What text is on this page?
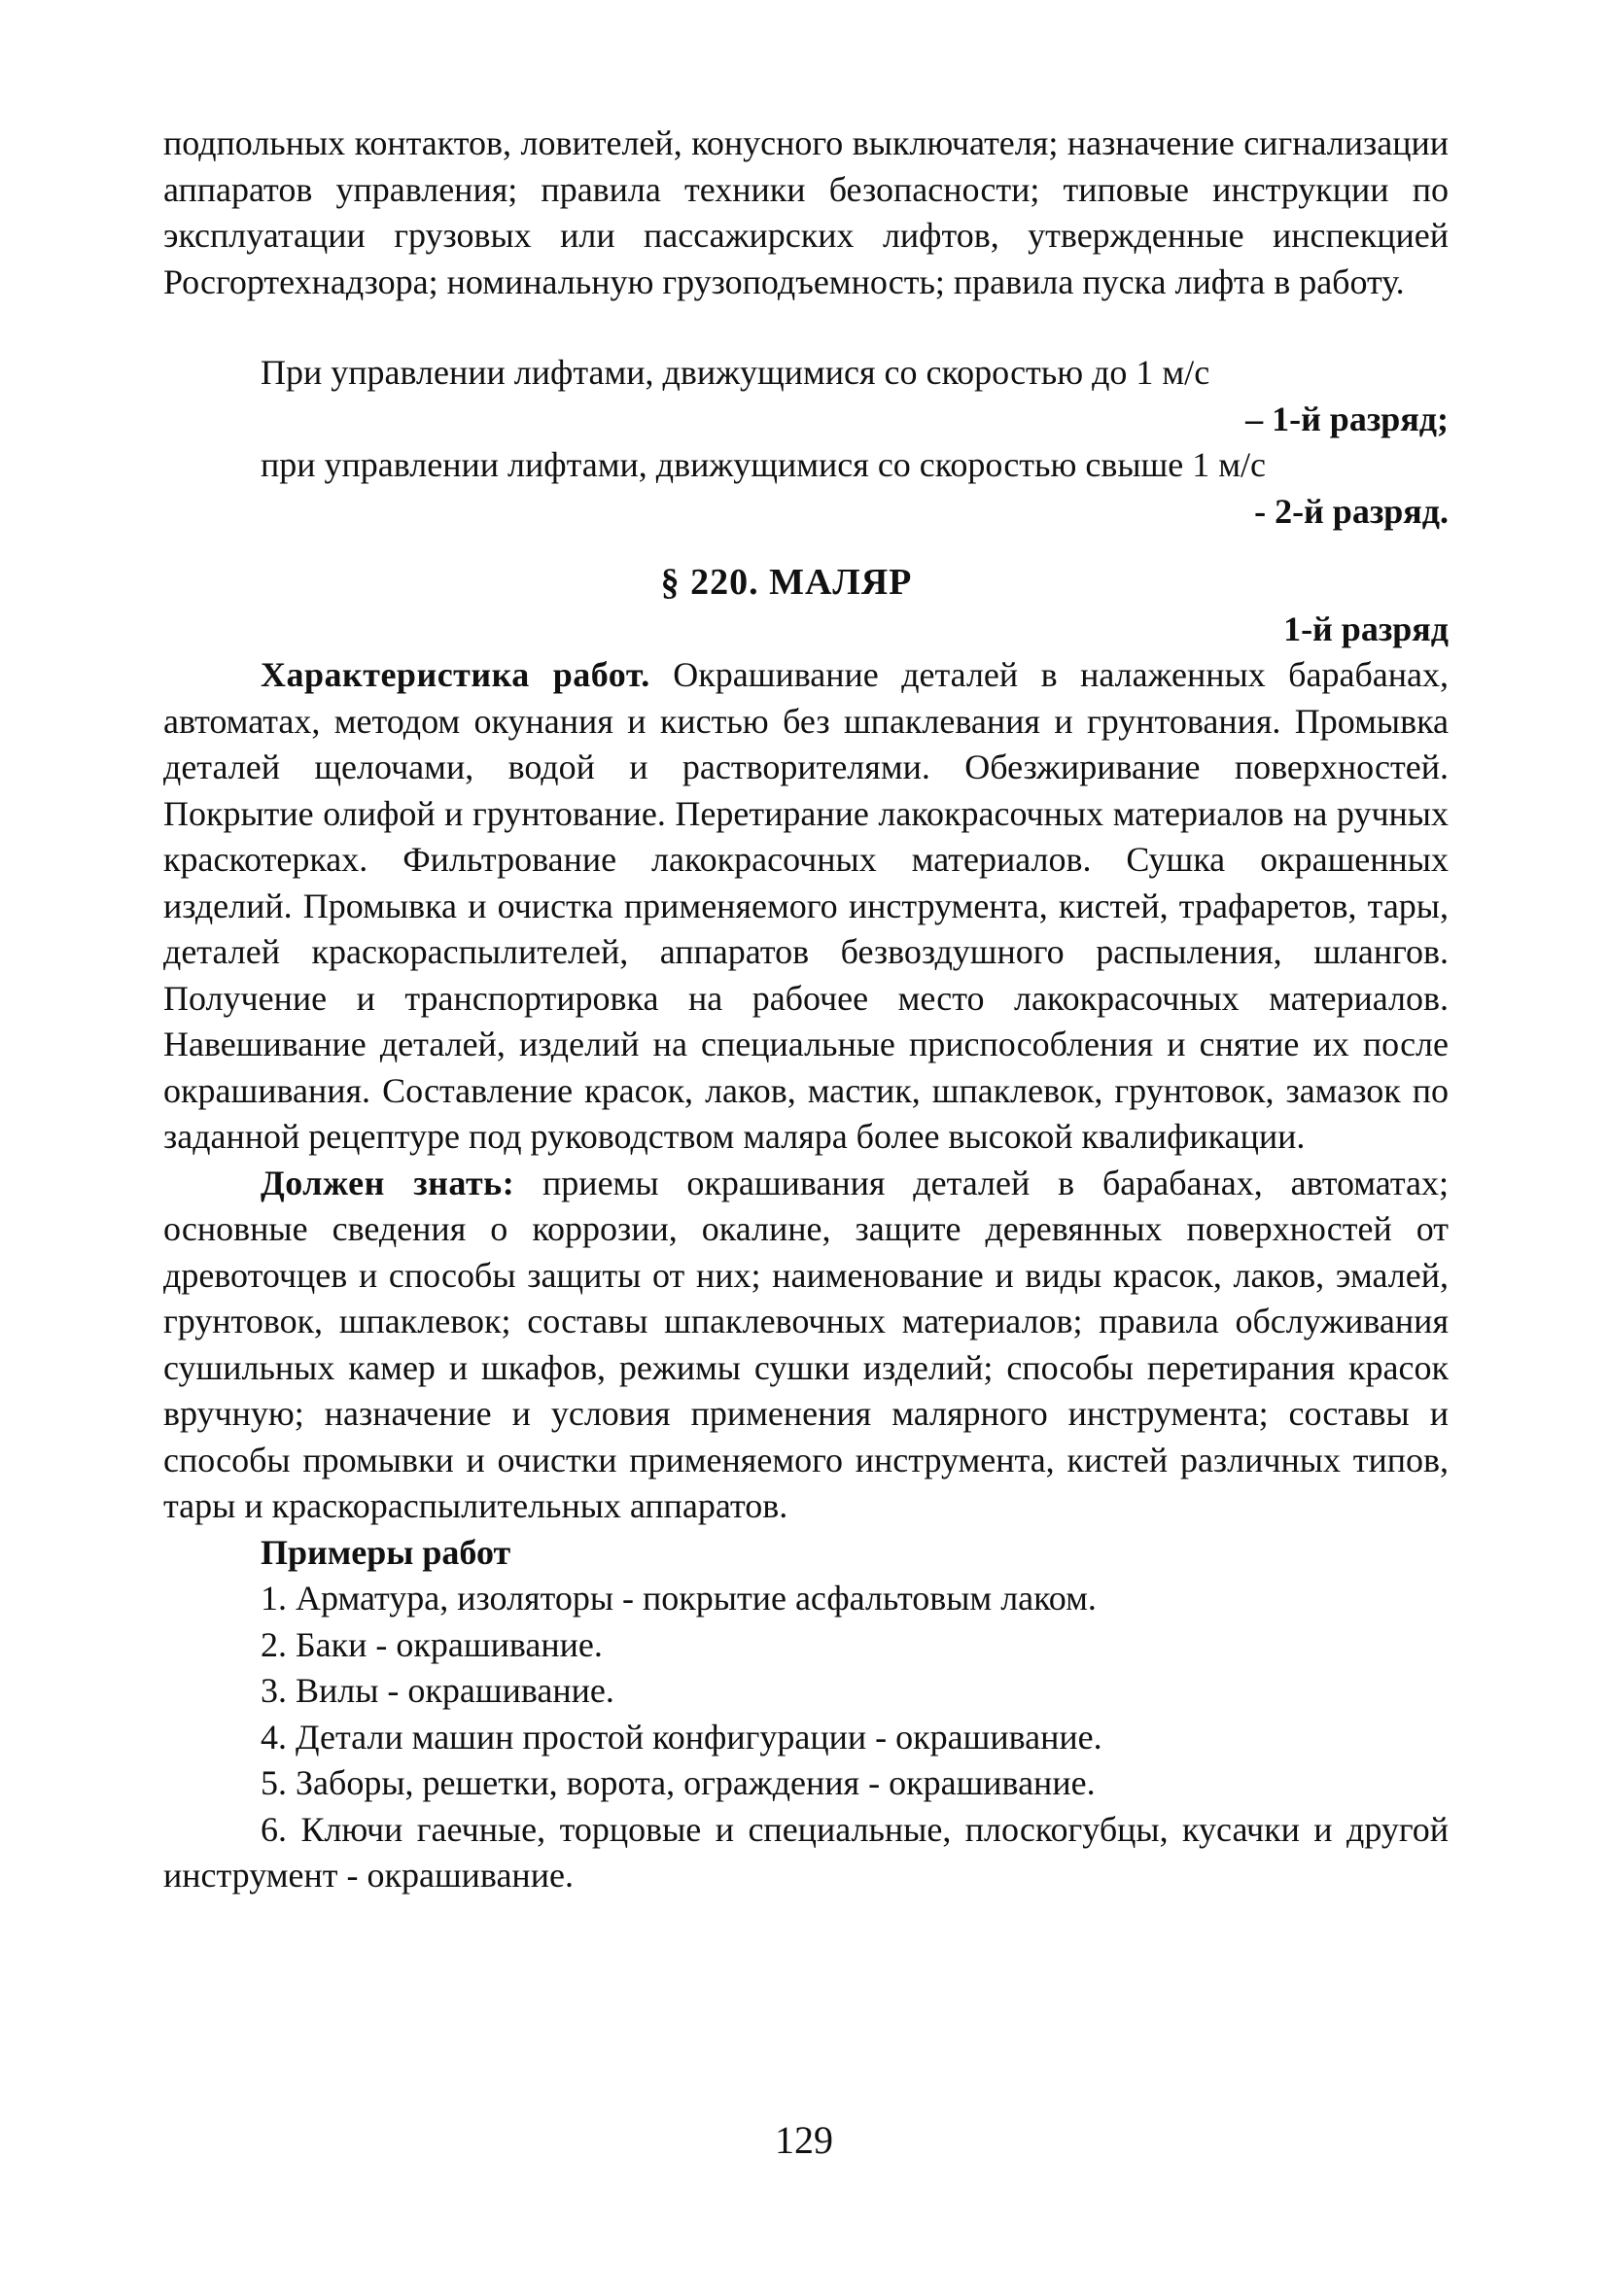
подпольных контактов, ловителей, конусного выключателя; назначение сигнализации аппаратов управления; правила техники безопасности; типовые инструкции по эксплуатации грузовых или пассажирских лифтов, утвержденные инспекцией Росгортехнадзора; номинальную грузоподъемность; правила пуска лифта в работу.

При управлении лифтами, движущимися со скоростью до 1 м/с

– 1-й разряд;

при управлении лифтами, движущимися со скоростью свыше 1 м/с

- 2-й разряд.

§ 220. МАЛЯР

1-й разряд

Характеристика работ. Окрашивание деталей в налаженных барабанах, автоматах, методом окунания и кистью без шпаклевания и грунтования. Промывка деталей щелочами, водой и растворителями. Обезжиривание поверхностей. Покрытие олифой и грунтование. Перетирание лакокрасочных материалов на ручных краскотерках. Фильтрование лакокрасочных материалов. Сушка окрашенных изделий. Промывка и очистка применяемого инструмента, кистей, трафаретов, тары, деталей краскораспылителей, аппаратов безвоздушного распыления, шлангов. Получение и транспортировка на рабочее место лакокрасочных материалов. Навешивание деталей, изделий на специальные приспособления и снятие их после окрашивания. Составление красок, лаков, мастик, шпаклевок, грунтовок, замазок по заданной рецептуре под руководством маляра более высокой квалификации.

Должен знать: приемы окрашивания деталей в барабанах, автоматах; основные сведения о коррозии, окалине, защите деревянных поверхностей от древоточцев и способы защиты от них; наименование и виды красок, лаков, эмалей, грунтовок, шпаклевок; составы шпаклевочных материалов; правила обслуживания сушильных камер и шкафов, режимы сушки изделий; способы перетирания красок вручную; назначение и условия применения малярного инструмента; составы и способы промывки и очистки применяемого инструмента, кистей различных типов, тары и краскораспылительных аппаратов.

Примеры работ

1. Арматура, изоляторы - покрытие асфальтовым лаком.

2. Баки - окрашивание.

3. Вилы - окрашивание.

4. Детали машин простой конфигурации - окрашивание.

5. Заборы, решетки, ворота, ограждения - окрашивание.

6. Ключи гаечные, торцовые и специальные, плоскогубцы, кусачки и другой инструмент - окрашивание.

129
